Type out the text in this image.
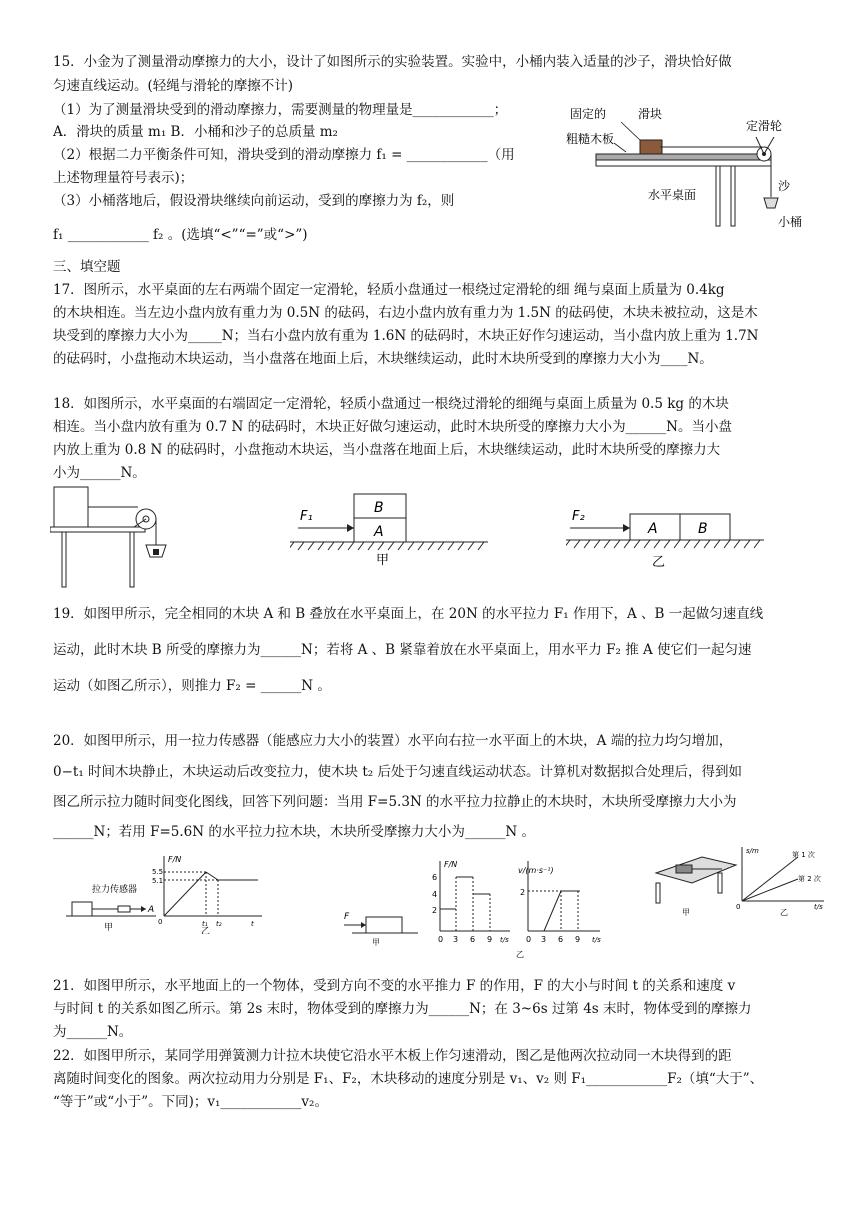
15．小金为了测量滑动摩擦力的大小，设计了如图所示的实验装置。实验中，小桶内装入适量的沙子，滑块恰好做
匀速直线运动。(轻绳与滑轮的摩擦不计)
（1）为了测量滑块受到的滑动摩擦力，需要测量的物理量是____________；
A．滑块的质量 m₁ B．小桶和沙子的总质量 m₂
（2）根据二力平衡条件可知，滑块受到的滑动摩擦力 f₁ = ____________（用
上述物理量符号表示)；
（3）小桶落地后，假设滑块继续向前运动，受到的摩擦力为 f₂，则
f₁ ____________ f₂ 。(选填“<”“=”或“>”)
固定的
粗糙木板
滑块
定滑轮
水平桌面
沙
小桶
三、填空题
17．图所示，水平桌面的左右两端个固定一定滑轮，轻质小盘通过一根绕过定滑轮的细 绳与桌面上质量为 0.4kg
的木块相连。当左边小盘内放有重力为 0.5N 的砝码，右边小盘内放有重力为 1.5N 的砝码使，木块未被拉动，这是木
块受到的摩擦力大小为_____N；当右小盘内放有重为 1.6N 的砝码时，木块正好作匀速运动，当小盘内放上重为 1.7N
的砝码时，小盘拖动木块运动，当小盘落在地面上后，木块继续运动，此时木块所受到的摩擦力大小为____N。
18．如图所示，水平桌面的右端固定一定滑轮，轻质小盘通过一根绕过滑轮的细绳与桌面上质量为 0.5 kg 的木块
相连。当小盘内放有重为 0.7 N 的砝码时，木块正好做匀速运动，此时木块所受的摩擦力大小为______N。当小盘
内放上重为 0.8 N 的砝码时，小盘拖动木块运，当小盘落在地面上后，木块继续运动，此时木块所受的摩擦力大
小为______N。
F₁
B
A
甲
F₂
A	B
乙
19．如图甲所示，完全相同的木块 A 和 B 叠放在水平桌面上，在 20N 的水平拉力 F₁ 作用下，A 、B 一起做匀速直线
运动，此时木块 B 所受的摩擦力为______N；若将 A 、B 紧靠着放在水平桌面上，用水平力 F₂ 推 A 使它们一起匀速
运动（如图乙所示），则推力 F₂ = ______N 。
20．如图甲所示，用一拉力传感器（能感应力大小的装置）水平向右拉一水平面上的木块，A 端的拉力均匀增加，
0−t₁ 时间木块静止，木块运动后改变拉力，使木块 t₂ 后处于匀速直线运动状态。计算机对数据拟合处理后，得到如
图乙所示拉力随时间变化图线，回答下列问题：当用 F=5.3N 的水平拉力拉静止的木块时，木块所受摩擦力大小为
______N；若用 F=5.6N 的水平拉力拉木块，木块所受摩擦力大小为______N 。
拉力传感器
A
甲
F/N
5.5
5.1
0	t₁ t₂	t
乙
F
甲
F/N
6
4
2
0 3 6 9 t/s
v/(m·s⁻¹)
2
0 3 6 9 t/s
乙
甲
s/m	第 1 次
第 2 次
0	t/s
乙
21．如图甲所示，水平地面上的一个物体，受到方向不变的水平推力 F 的作用，F 的大小与时间 t 的关系和速度 v
与时间 t 的关系如图乙所示。第 2s 末时，物体受到的摩擦力为______N；在 3~6s 过第 4s 末时，物体受到的摩擦力
为______N。
22．如图甲所示，某同学用弹簧测力计拉木块使它沿水平木板上作匀速滑动，图乙是他两次拉动同一木块得到的距
离随时间变化的图象。两次拉动用力分别是 F₁、F₂，木块移动的速度分别是 v₁、v₂ 则 F₁____________F₂（填“大于”、
“等于”或“小于”。下同)；v₁____________v₂。
